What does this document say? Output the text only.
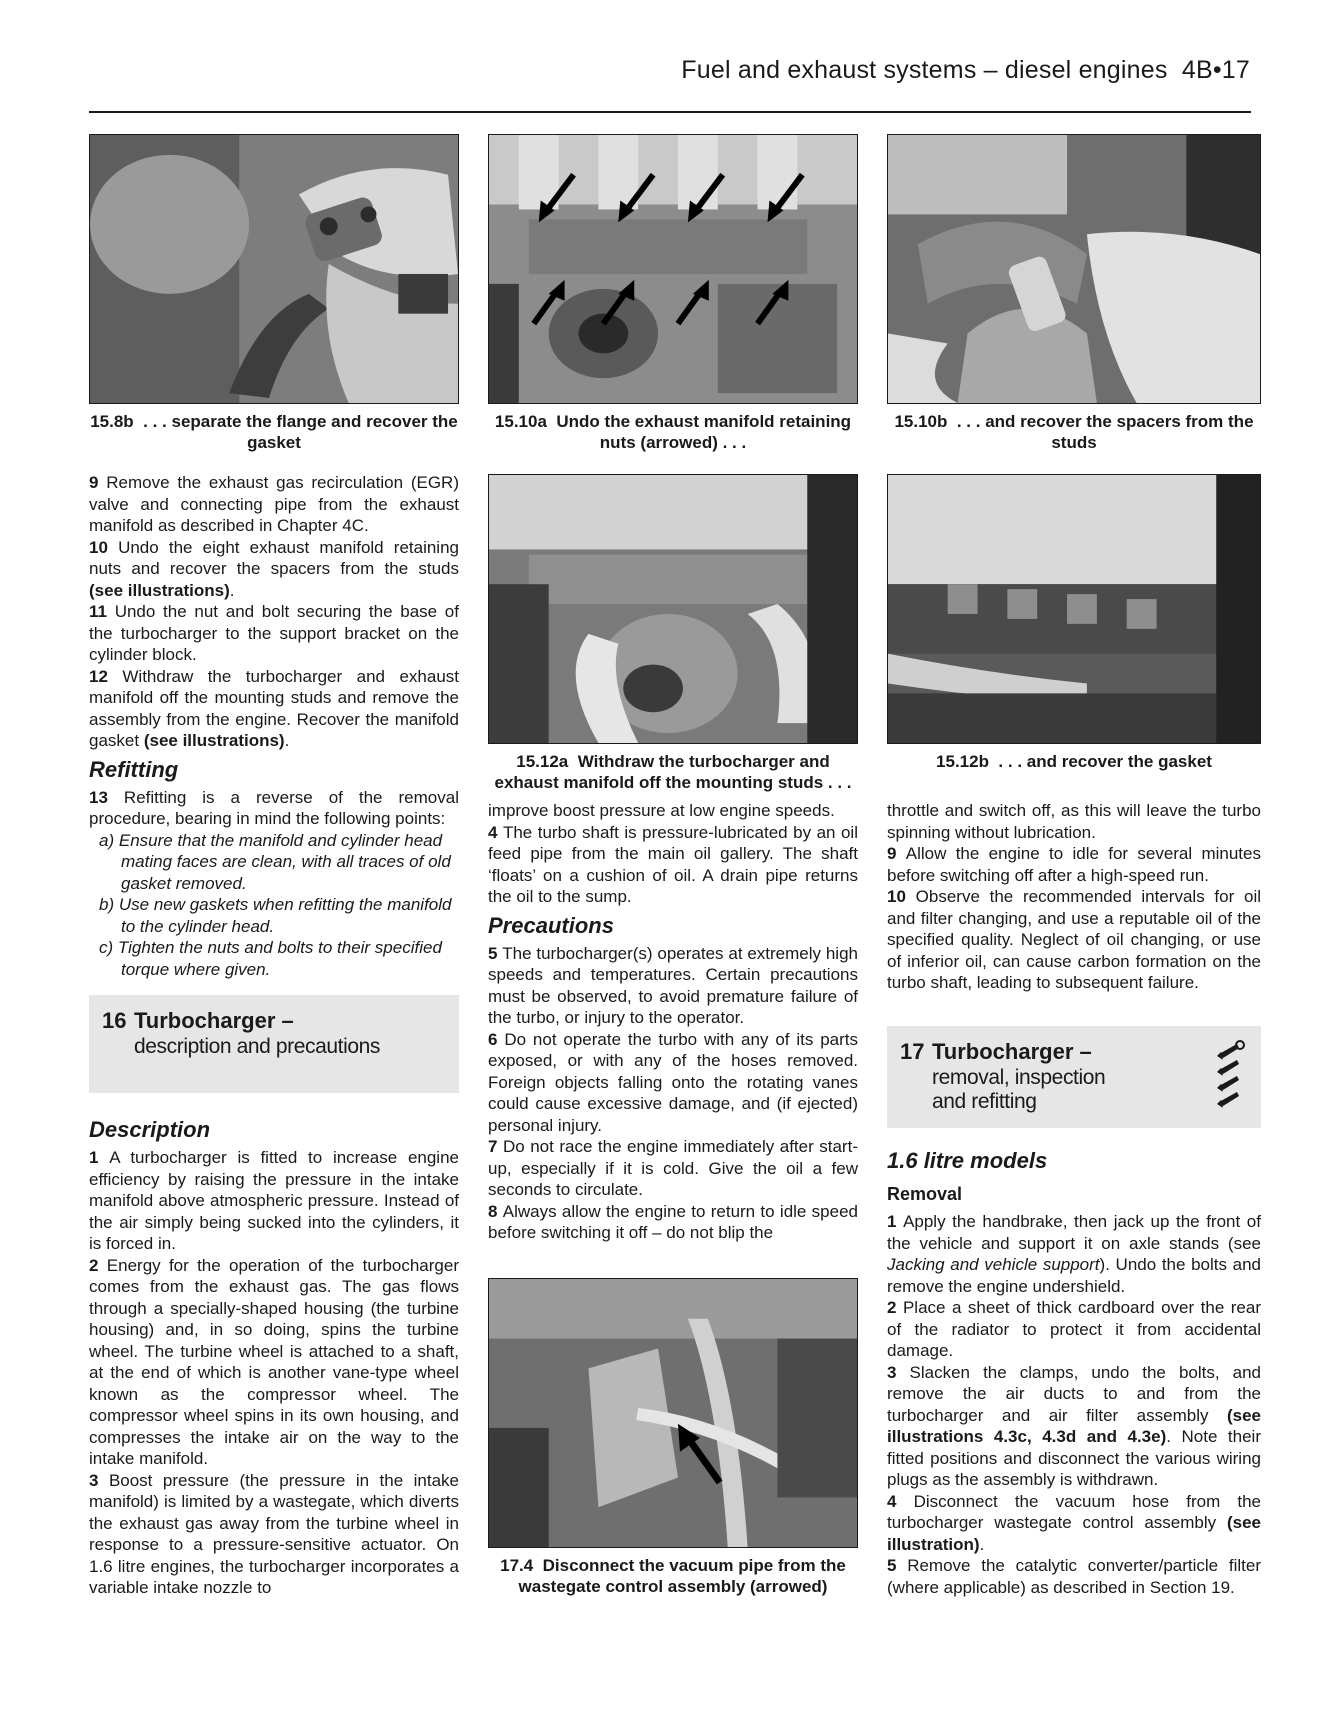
Fuel and exhaust systems – diesel engines 4B•17
15.8b . . . separate the flange and recover the gasket
15.10a Undo the exhaust manifold retaining nuts (arrowed) . . .
15.10b . . . and recover the spacers from the studs

9 Remove the exhaust gas recirculation (EGR) valve and connecting pipe from the exhaust manifold as described in Chapter 4C.

10 Undo the eight exhaust manifold retaining nuts and recover the spacers from the studs (see illustrations).

11 Undo the nut and bolt securing the base of the turbocharger to the support bracket on the cylinder block.

12 Withdraw the turbocharger and exhaust manifold off the mounting studs and remove the assembly from the engine. Recover the manifold gasket (see illustrations).

Refitting

13 Refitting is a reverse of the removal procedure, bearing in mind the following points:

a) Ensure that the manifold and cylinder head mating faces are clean, with all traces of old gasket removed.

b) Use new gaskets when refitting the manifold to the cylinder head.

c) Tighten the nuts and bolts to their specified torque where given.

16 Turbocharger –
description and precautions
Description

1 A turbocharger is fitted to increase engine efficiency by raising the pressure in the intake manifold above atmospheric pressure. Instead of the air simply being sucked into the cylinders, it is forced in.

2 Energy for the operation of the turbocharger comes from the exhaust gas. The gas flows through a specially-shaped housing (the turbine housing) and, in so doing, spins the turbine wheel. The turbine wheel is attached to a shaft, at the end of which is another vane-type wheel known as the compressor wheel. The compressor wheel spins in its own housing, and compresses the intake air on the way to the intake manifold.

3 Boost pressure (the pressure in the intake manifold) is limited by a wastegate, which diverts the exhaust gas away from the turbine wheel in response to a pressure-sensitive actuator. On 1.6 litre engines, the turbocharger incorporates a variable intake nozzle to

15.12a Withdraw the turbocharger and exhaust manifold off the mounting studs . . .
15.12b . . . and recover the gasket

improve boost pressure at low engine speeds.

4 The turbo shaft is pressure-lubricated by an oil feed pipe from the main oil gallery. The shaft ‘floats’ on a cushion of oil. A drain pipe returns the oil to the sump.

Precautions

5 The turbocharger(s) operates at extremely high speeds and temperatures. Certain precautions must be observed, to avoid premature failure of the turbo, or injury to the operator.

6 Do not operate the turbo with any of its parts exposed, or with any of the hoses removed. Foreign objects falling onto the rotating vanes could cause excessive damage, and (if ejected) personal injury.

7 Do not race the engine immediately after start-up, especially if it is cold. Give the oil a few seconds to circulate.

8 Always allow the engine to return to idle speed before switching it off – do not blip the

17.4 Disconnect the vacuum pipe from the wastegate control assembly (arrowed)

throttle and switch off, as this will leave the turbo spinning without lubrication.

9 Allow the engine to idle for several minutes before switching off after a high-speed run.

10 Observe the recommended intervals for oil and filter changing, and use a reputable oil of the specified quality. Neglect of oil changing, or use of inferior oil, can cause carbon formation on the turbo shaft, leading to subsequent failure.

17 Turbocharger –
removal, inspection
and refitting
1.6 litre models
Removal

1 Apply the handbrake, then jack up the front of the vehicle and support it on axle stands (see Jacking and vehicle support). Undo the bolts and remove the engine undershield.

2 Place a sheet of thick cardboard over the rear of the radiator to protect it from accidental damage.

3 Slacken the clamps, undo the bolts, and remove the air ducts to and from the turbocharger and air filter assembly (see illustrations 4.3c, 4.3d and 4.3e). Note their fitted positions and disconnect the various wiring plugs as the assembly is withdrawn.

4 Disconnect the vacuum hose from the turbocharger wastegate control assembly (see illustration).

5 Remove the catalytic converter/particle filter (where applicable) as described in Section 19.
